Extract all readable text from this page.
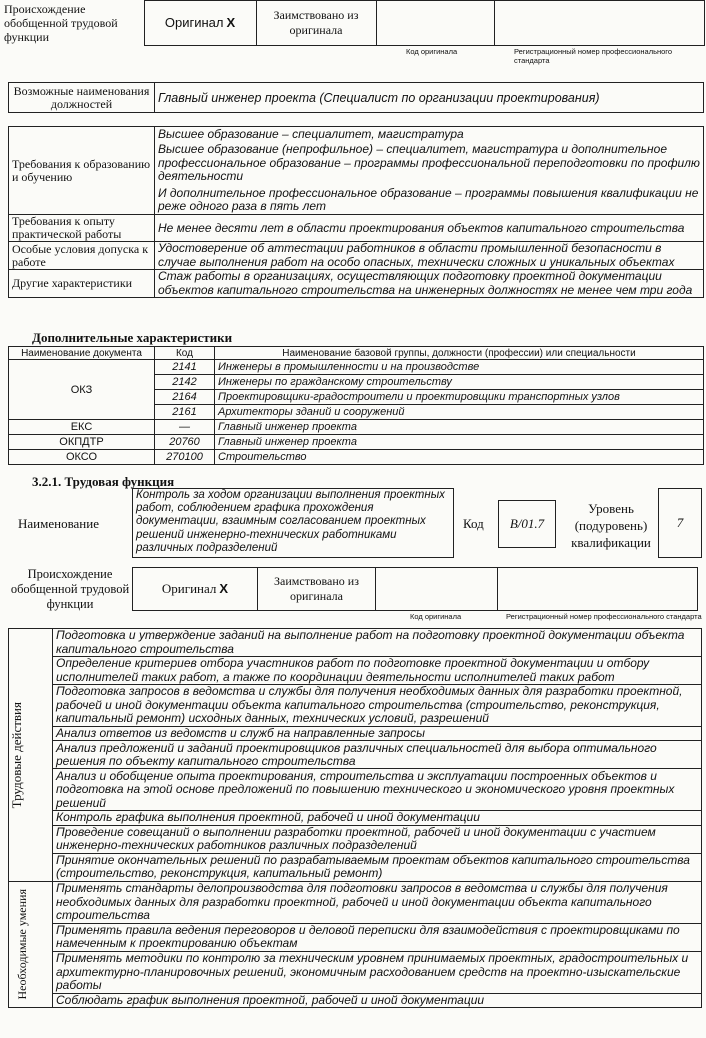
Происхождение обобщенной трудовой функции	Оригинал X	Заимствовано из оригинала		
Код оригинала	Регистрационный номер профессионального стандарта
Возможные наименования должностей	Главный инженер проекта (Специалист по организации проектирования)
Требования к образованию и обучению	Высшее образование – специалитет, магистратура
Высшее образование (непрофильное) – специалитет, магистратура и дополнительное профессиональное образование – программы профессиональной переподготовки по профилю деятельности
И дополнительное профессиональное образование – программы повышения квалификации не реже одного раза в пять лет

Требования к опыту практической работы	Не менее десяти лет в области проектирования объектов капитального строительства
Особые условия допуска к работе	Удостоверение об аттестации работников в области промышленной безопасности в случае выполнения работ на особо опасных, технически сложных и уникальных объектах
Другие характеристики	Стаж работы в организациях, осуществляющих подготовку проектной документации объектов капитального строительства на инженерных должностях не менее чем три года
Дополнительные характеристики
Наименование документа	Код	Наименование базовой группы, должности (профессии) или специальности
ОКЗ	2141	Инженеры в промышленности и на производстве
	2142	Инженеры по гражданскому строительству
	2164	Проектировщики-градостроители и проектировщики транспортных узлов
	2161	Архитекторы зданий и сооружений
ЕКС	—	Главный инженер проекта
ОКПДТР	20760	Главный инженер проекта
ОКСО	270100	Строительство
3.2.1. Трудовая функция
Наименование
Контроль за ходом организации выполнения проектных работ, соблюдением графика прохождения документации, взаимным согласованием проектных решений инженерно-технических работниками различных подразделений
Код	В/01.7
Уровень (подуровень) квалификации
7
Происхождение обобщенной трудовой функции
Оригинал X	Заимствовано из оригинала		
Код оригинала	Регистрационный номер профессионального стандарта
Трудовые действия	Подготовка и утверждение заданий на выполнение работ на подготовку проектной документации объекта капитального строительства
	Определение критериев отбора участников работ по подготовке проектной документации и отбору исполнителей таких работ, а также по координации деятельности исполнителей таких работ
	Подготовка запросов в ведомства и службы для получения необходимых данных для разработки проектной, рабочей и иной документации объекта капитального строительства (строительство, реконструкция, капитальный ремонт) исходных данных, технических условий, разрешений
	Анализ ответов из ведомств и служб на направленные запросы
	Анализ предложений и заданий проектировщиков различных специальностей для выбора оптимального решения по объекту капитального строительства
	Анализ и обобщение опыта проектирования, строительства и эксплуатации построенных объектов и подготовка на этой основе предложений по повышению технического и экономического уровня проектных решений
	Контроль графика выполнения проектной, рабочей и иной документации
	Проведение совещаний о выполнении разработки проектной, рабочей и иной документации с участием инженерно-технических работников различных подразделений
	Принятие окончательных решений по разрабатываемым проектам объектов капитального строительства (строительство, реконструкция, капитальный ремонт)

Необходимые умения	Применять стандарты делопроизводства для подготовки запросов в ведомства и службы для получения необходимых данных для разработки проектной, рабочей и иной документации объекта капитального строительства
	Применять правила ведения переговоров и деловой переписки для взаимодействия с проектировщиками по намеченным к проектированию объектам
	Применять методики по контролю за техническим уровнем принимаемых проектных, градостроительных и архитектурно-планировочных решений, экономичным расходованием средств на проектно-изыскательские работы
	Соблюдать график выполнения проектной, рабочей и иной документации
